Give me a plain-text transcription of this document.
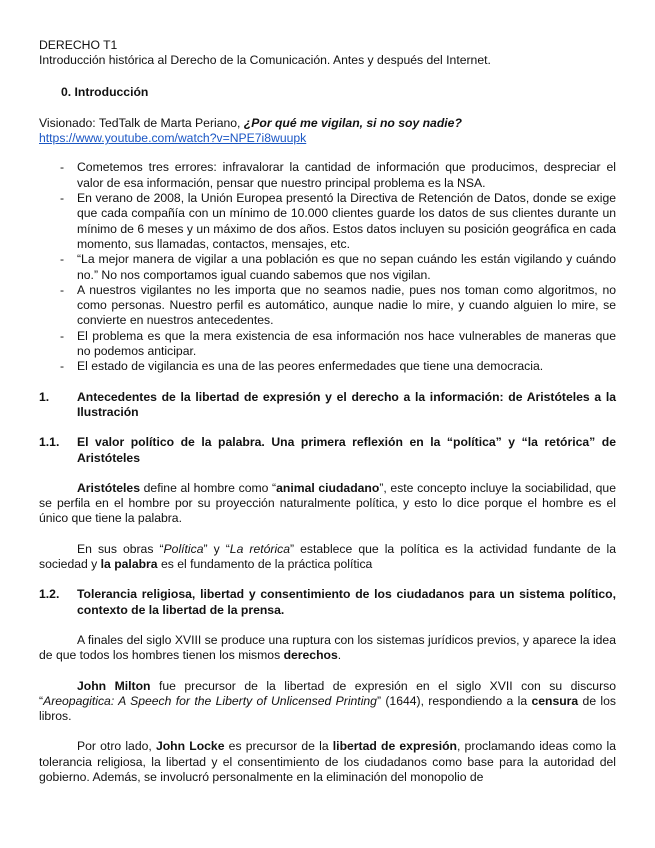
DERECHO T1

Introducción histórica al Derecho de la Comunicación. Antes y después del Internet.

0. Introducción

Visionado: TedTalk de Marta Periano, ¿Por qué me vigilan, si no soy nadie?

https://www.youtube.com/watch?v=NPE7i8wuupk

-	Cometemos tres errores: infravalorar la cantidad de información que producimos, despreciar el valor de esa información, pensar que nuestro principal problema es la NSA.
-	En verano de 2008, la Unión Europea presentó la Directiva de Retención de Datos, donde se exige que cada compañía con un mínimo de 10.000 clientes guarde los datos de sus clientes durante un mínimo de 6 meses y un máximo de dos años. Estos datos incluyen su posición geográfica en cada momento, sus llamadas, contactos, mensajes, etc.
-	“La mejor manera de vigilar a una población es que no sepan cuándo les están vigilando y cuándo no.” No nos comportamos igual cuando sabemos que nos vigilan.
-	A nuestros vigilantes no les importa que no seamos nadie, pues nos toman como algoritmos, no como personas. Nuestro perfil es automático, aunque nadie lo mire, y cuando alguien lo mire, se convierte en nuestros antecedentes.
-	El problema es que la mera existencia de esa información nos hace vulnerables de maneras que no podemos anticipar.
-	El estado de vigilancia es una de las peores enfermedades que tiene una democracia.
1.	Antecedentes de la libertad de expresión y el derecho a la información: de Aristóteles a la Ilustración
1.1.	El valor político de la palabra. Una primera reflexión en la “política” y “la retórica” de Aristóteles

Aristóteles define al hombre como “animal ciudadano”, este concepto incluye la sociabilidad, que se perfila en el hombre por su proyección naturalmente política, y esto lo dice porque el hombre es el único que tiene la palabra.

En sus obras “Política” y “La retórica” establece que la política es la actividad fundante de la sociedad y la palabra es el fundamento de la práctica política

1.2.	Tolerancia religiosa, libertad y consentimiento de los ciudadanos para un sistema político, contexto de la libertad de la prensa.

A finales del siglo XVIII se produce una ruptura con los sistemas jurídicos previos, y aparece la idea de que todos los hombres tienen los mismos derechos.

John Milton fue precursor de la libertad de expresión en el siglo XVII con su discurso “Areopagitica: A Speech for the Liberty of Unlicensed Printing” (1644), respondiendo a la censura de los libros.

Por otro lado, John Locke es precursor de la libertad de expresión, proclamando ideas como la tolerancia religiosa, la libertad y el consentimiento de los ciudadanos como base para la autoridad del gobierno. Además, se involucró personalmente en la eliminación del monopolio de
